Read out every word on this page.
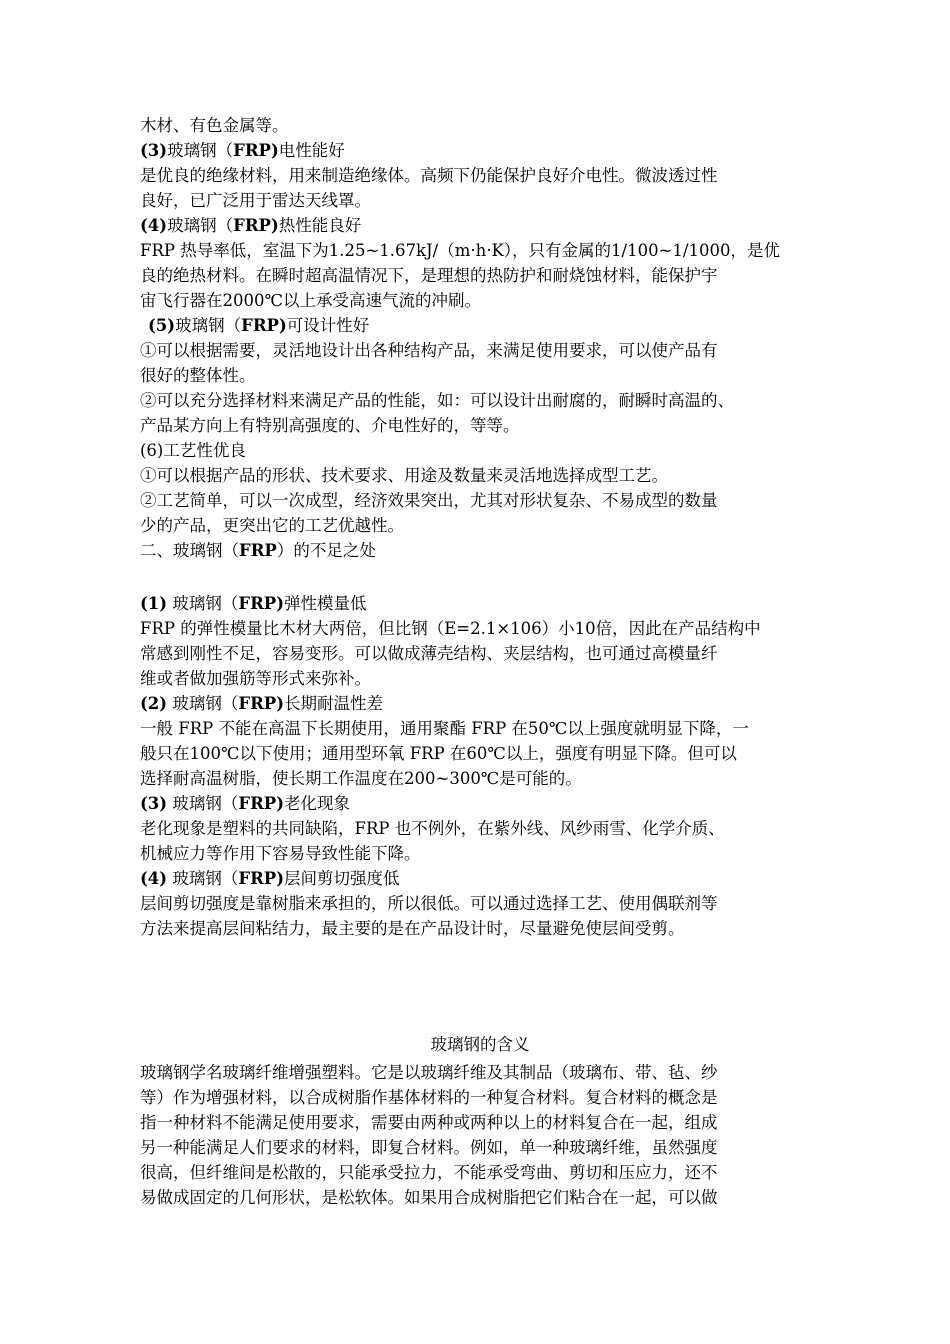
木材、有色金属等。
(3)玻璃钢（FRP)电性能好
是优良的绝缘材料，用来制造绝缘体。高频下仍能保护良好介电性。微波透过性
良好，已广泛用于雷达天线罩。
(4)玻璃钢（FRP)热性能良好
FRP 热导率低，室温下为1.25~1.67kJ/（m·h·K），只有金属的1/100~1/1000，是优
良的绝热材料。在瞬时超高温情况下，是理想的热防护和耐烧蚀材料，能保护宇
宙飞行器在2000℃以上承受高速气流的冲刷。
(5)玻璃钢（FRP)可设计性好
①可以根据需要，灵活地设计出各种结构产品，来满足使用要求，可以使产品有
很好的整体性。
②可以充分选择材料来满足产品的性能，如：可以设计出耐腐的，耐瞬时高温的、
产品某方向上有特别高强度的、介电性好的，等等。
(6)工艺性优良
①可以根据产品的形状、技术要求、用途及数量来灵活地选择成型工艺。
②工艺简单，可以一次成型，经济效果突出，尤其对形状复杂、不易成型的数量
少的产品，更突出它的工艺优越性。
二、玻璃钢（FRP）的不足之处
(1) 玻璃钢（FRP)弹性模量低
FRP 的弹性模量比木材大两倍，但比钢（E=2.1×106）小10倍，因此在产品结构中
常感到刚性不足，容易变形。可以做成薄壳结构、夹层结构，也可通过高模量纤
维或者做加强筋等形式来弥补。
(2) 玻璃钢（FRP)长期耐温性差
一般 FRP 不能在高温下长期使用，通用聚酯 FRP 在50℃以上强度就明显下降，一
般只在100℃以下使用；通用型环氧 FRP 在60℃以上，强度有明显下降。但可以
选择耐高温树脂，使长期工作温度在200~300℃是可能的。
(3) 玻璃钢（FRP)老化现象
老化现象是塑料的共同缺陷，FRP 也不例外，在紫外线、风纱雨雪、化学介质、
机械应力等作用下容易导致性能下降。
(4) 玻璃钢（FRP)层间剪切强度低
层间剪切强度是靠树脂来承担的，所以很低。可以通过选择工艺、使用偶联剂等
方法来提高层间粘结力，最主要的是在产品设计时，尽量避免使层间受剪。
玻璃钢的含义
玻璃钢学名玻璃纤维增强塑料。它是以玻璃纤维及其制品（玻璃布、带、毡、纱
等）作为增强材料，以合成树脂作基体材料的一种复合材料。复合材料的概念是
指一种材料不能满足使用要求，需要由两种或两种以上的材料复合在一起，组成
另一种能满足人们要求的材料，即复合材料。例如，单一种玻璃纤维，虽然强度
很高，但纤维间是松散的，只能承受拉力，不能承受弯曲、剪切和压应力，还不
易做成固定的几何形状，是松软体。如果用合成树脂把它们粘合在一起，可以做
